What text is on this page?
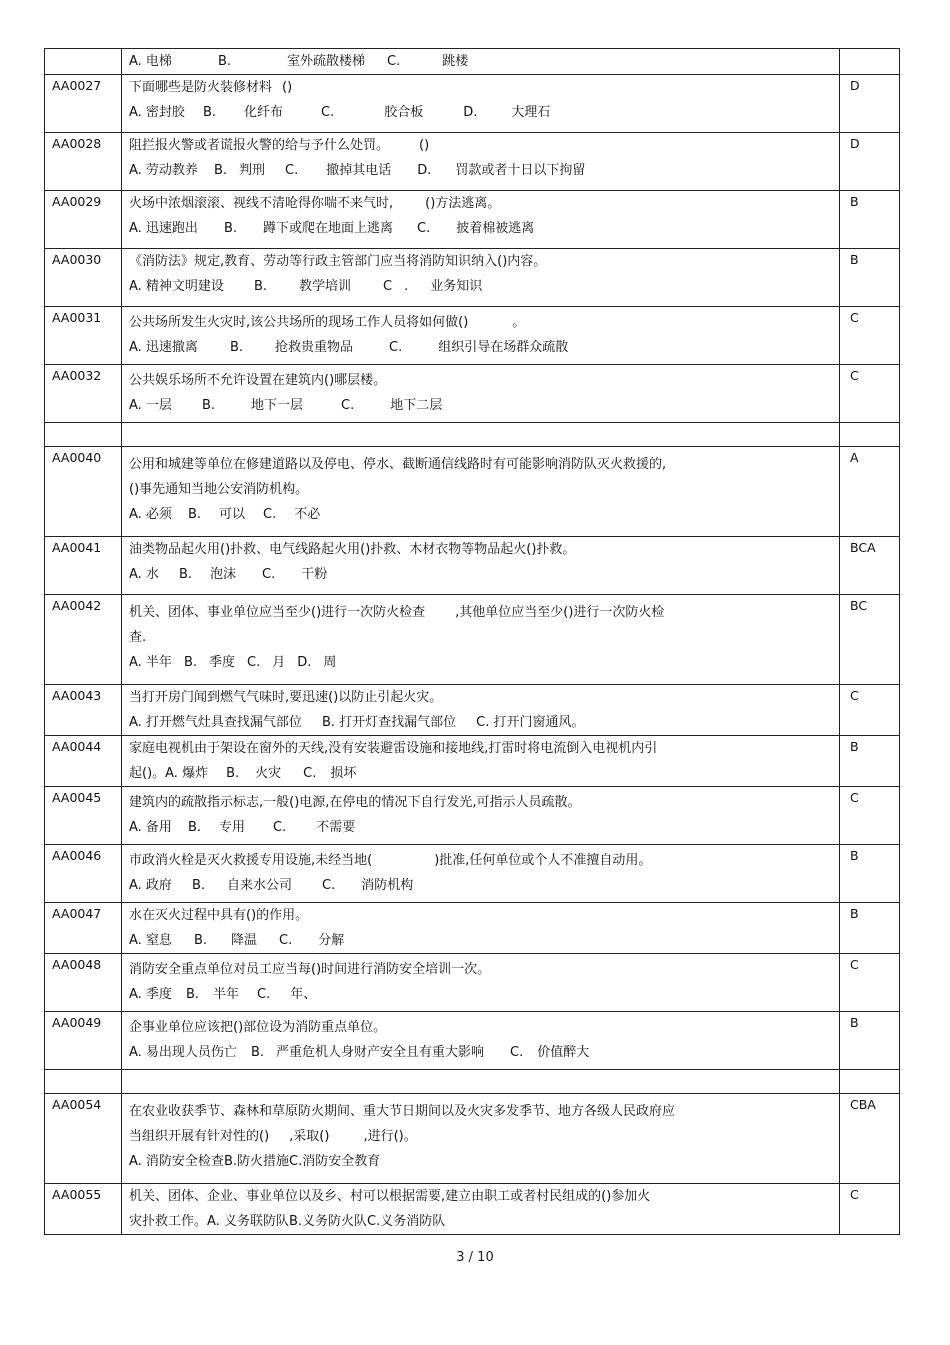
	A. 电梯 B. 室外疏散楼梯 C. 跳楼	

AA0027	下面哪些是防火装修材料 ()
A. 密封胶 B. 化纤布 C. 胶合板 D. 大理石	D
AA0028	阻拦报火警或者谎报火警的给与予什么处罚。 ()
A. 劳动教养 B. 判刑 C. 撤掉其电话 D. 罚款或者十日以下拘留	D
AA0029	火场中浓烟滚滚、视线不清呛得你喘不来气时, ()方法逃离。
A. 迅速跑出 B. 蹲下或爬在地面上逃离 C. 披着棉被逃离	B
AA0030	《消防法》规定,教育、劳动等行政主管部门应当将消防知识纳入()内容。
A. 精神文明建设 B. 教学培训 C . 业务知识	B
AA0031	公共场所发生火灾时,该公共场所的现场工作人员将如何做() 。
A. 迅速撤离 B. 抢救贵重物品 C. 组织引导在场群众疏散	C
AA0032	公共娱乐场所不允许设置在建筑内()哪层楼。
A. 一层 B. 地下一层 C. 地下二层	C

AA0040	公用和城建等单位在修建道路以及停电、停水、截断通信线路时有可能影响消防队灭火救援的,
()事先通知当地公安消防机构。
A. 必须 B. 可以 C. 不必	A
AA0041	油类物品起火用()扑救、电气线路起火用()扑救、木材衣物等物品起火()扑救。
A. 水 B. 泡沫 C. 干粉	BCA
AA0042	机关、团体、事业单位应当至少()进行一次防火检查 ,其他单位应当至少()进行一次防火检
查.
A. 半年 B. 季度 C. 月 D. 周	BC
AA0043	当打开房门闻到燃气气味时,要迅速()以防止引起火灾。
A. 打开燃气灶具查找漏气部位 B. 打开灯查找漏气部位 C. 打开门窗通风。	C
AA0044	家庭电视机由于架设在窗外的天线,没有安装避雷设施和接地线,打雷时将电流倒入电视机内引
起()。A. 爆炸 B. 火灾 C. 损坏	B
AA0045	建筑内的疏散指示标志,一般()电源,在停电的情况下自行发光,可指示人员疏散。
A. 备用 B. 专用 C. 不需要	C
AA0046	市政消火栓是灭火救援专用设施,未经当地( )批准,任何单位或个人不准擅自动用。
A. 政府 B. 自来水公司 C. 消防机构	B
AA0047	水在灭火过程中具有()的作用。
A. 窒息 B. 降温 C. 分解	B
AA0048	消防安全重点单位对员工应当每()时间进行消防安全培训一次。
A. 季度 B. 半年 C. 年、	C
AA0049	企事业单位应该把()部位设为消防重点单位。
A. 易出现人员伤亡 B. 严重危机人身财产安全且有重大影响 C. 价值醉大	B

AA0054	在农业收获季节、森林和草原防火期间、重大节日期间以及火灾多发季节、地方各级人民政府应
当组织开展有针对性的() ,采取() ,进行()。
A. 消防安全检查B.防火措施C.消防安全教育	CBA
AA0055	机关、团体、企业、事业单位以及乡、村可以根据需要,建立由职工或者村民组成的()参加火
灾扑救工作。A. 义务联防队B.义务防火队C.义务消防队	C
3 / 10
